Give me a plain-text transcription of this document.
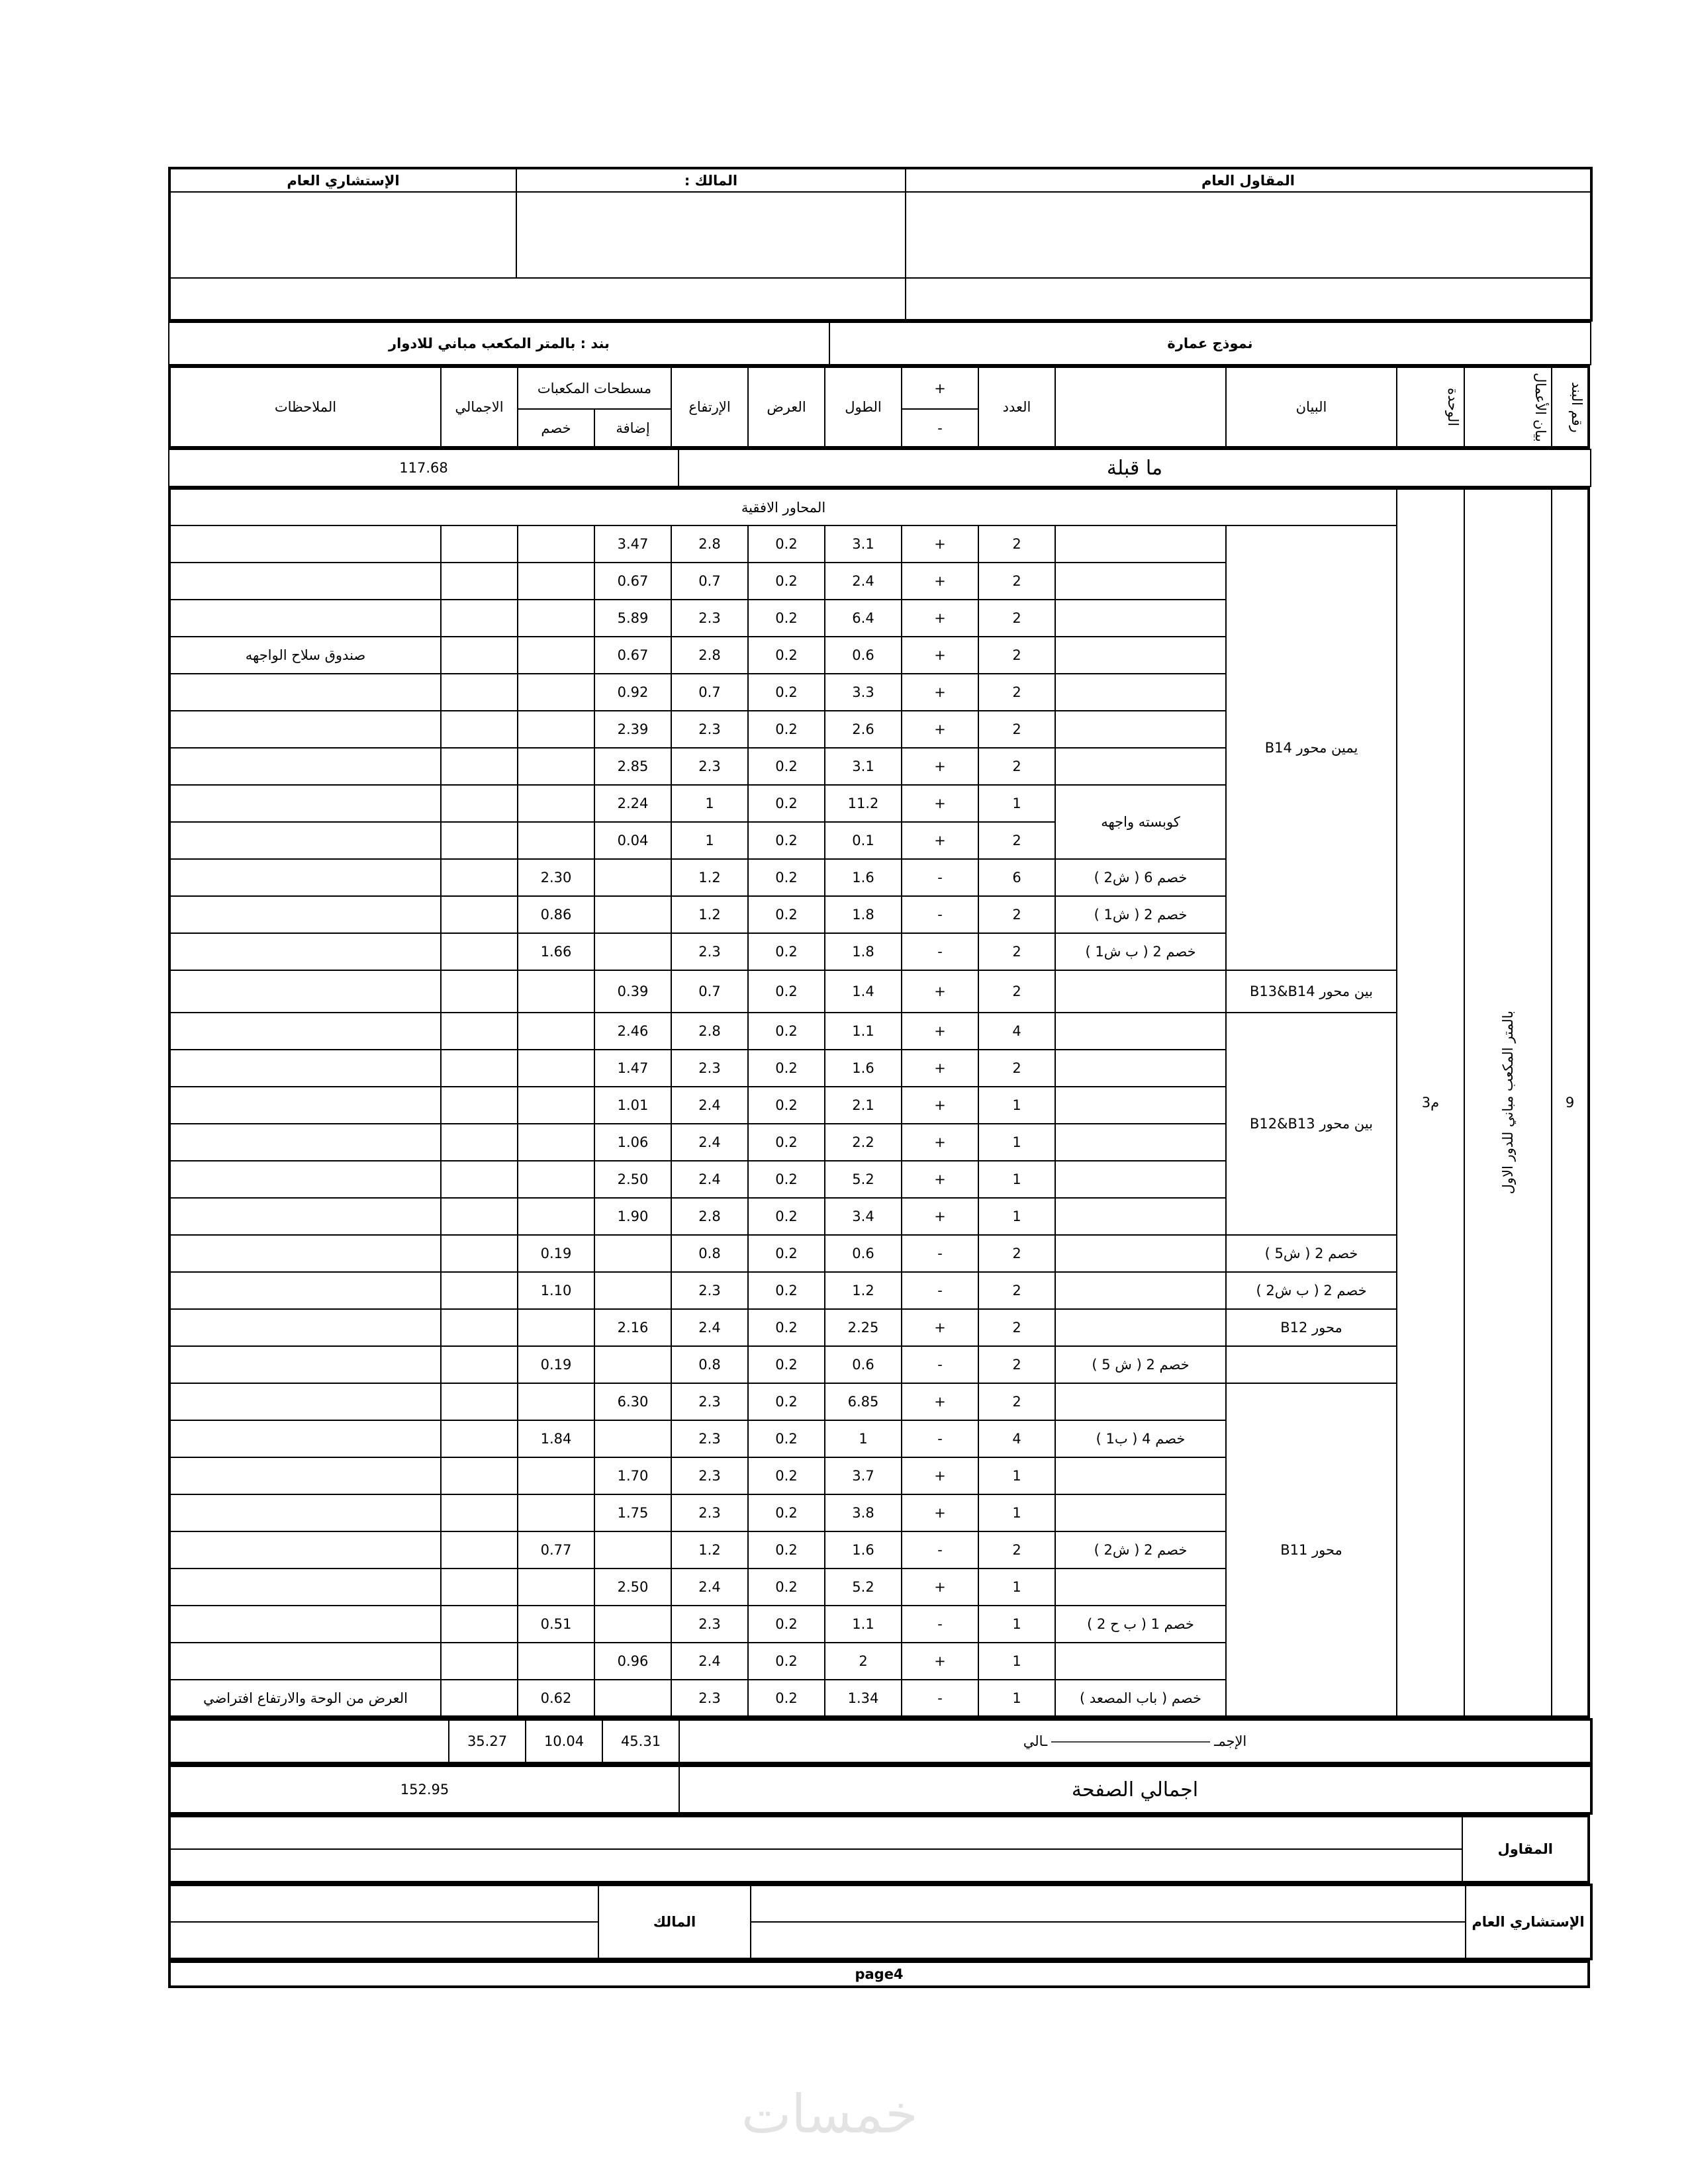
المقاول العام	المالك :	الإستشاري العام

نموذج عمارة	بند : بالمتر المكعب مباني للادوار
رقم البند	بيان الأعمال	الوحدة	البيان		العدد	+	الطول	العرض	الإرتفاع	مسطحات المكعبات		الاجمالي	الملاحظات
						-				إضافة	خصم		
ما قبلة	117.68
9	بالمتر المكعب مباني للدور الاول	م3	المحاور الافقية										
			يمين محور B14		2	+	3.1	0.2	2.8	3.47			
					2	+	2.4	0.2	0.7	0.67			
					2	+	6.4	0.2	2.3	5.89			
					2	+	0.6	0.2	2.8	0.67			صندوق سلاح الواجهه
					2	+	3.3	0.2	0.7	0.92			
					2	+	2.6	0.2	2.3	2.39			
					2	+	3.1	0.2	2.3	2.85			
				كوبسته واجهه	1	+	11.2	0.2	1	2.24			
					2	+	0.1	0.2	1	0.04			
				خصم 6 ( ش2 )	6	-	1.6	0.2	1.2		2.30		
				خصم 2 ( ش1 )	2	-	1.8	0.2	1.2		0.86		
				خصم 2 ( ب ش1 )	2	-	1.8	0.2	2.3		1.66		
			بين محور B13&B14		2	+	1.4	0.2	0.7	0.39			
			بين محور B12&B13		4	+	1.1	0.2	2.8	2.46			
					2	+	1.6	0.2	2.3	1.47			
					1	+	2.1	0.2	2.4	1.01			
					1	+	2.2	0.2	2.4	1.06			
					1	+	5.2	0.2	2.4	2.50			
					1	+	3.4	0.2	2.8	1.90			
			خصم 2 ( ش5 )		2	-	0.6	0.2	0.8		0.19		
			خصم 2 ( ب ش2 )		2	-	1.2	0.2	2.3		1.10		
			محور B12		2	+	2.25	0.2	2.4	2.16			
				خصم 2 ( ش 5 )	2	-	0.6	0.2	0.8		0.19		
			محور B11		2	+	6.85	0.2	2.3	6.30			
				خصم 4 ( ب1 )	4	-	1	0.2	2.3		1.84		
					1	+	3.7	0.2	2.3	1.70			
					1	+	3.8	0.2	2.3	1.75			
				خصم 2 ( ش2 )	2	-	1.6	0.2	1.2		0.77		
					1	+	5.2	0.2	2.4	2.50			
				خصم 1 ( ب ح 2 )	1	-	1.1	0.2	2.3		0.51		
					1	+	2	0.2	2.4	0.96			
				خصم ( باب المصعد )	1	-	1.34	0.2	2.3		0.62		العرض من الوحة والارتفاع افتراضي
الإجمــالي	45.31	10.04	35.27	
اجمالي الصفحة	152.95
المقاول	

الإستشاري العام		المالك	

page4
خمسات
